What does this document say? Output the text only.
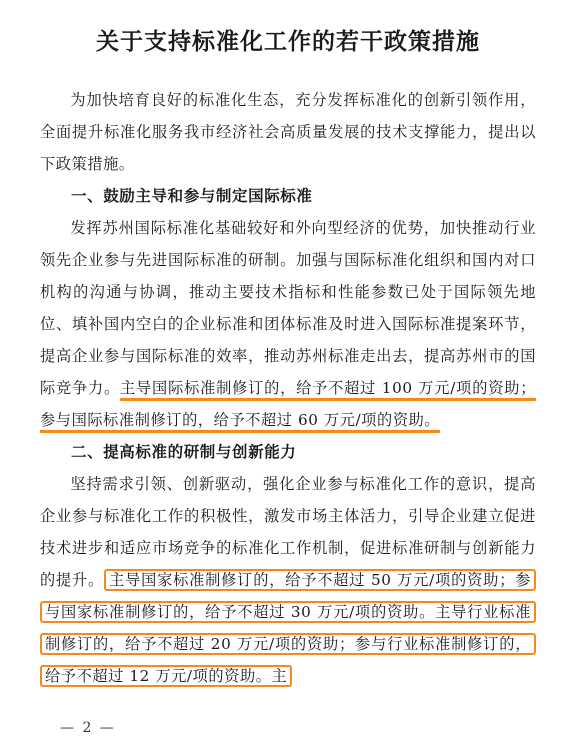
关于支持标准化工作的若干政策措施

为加快培育良好的标准化生态，充分发挥标准化的创新引领作用，全面提升标准化服务我市经济社会高质量发展的技术支撑能力，提出以下政策措施。

一、鼓励主导和参与制定国际标准

发挥苏州国际标准化基础较好和外向型经济的优势，加快推动行业领先企业参与先进国际标准的研制。加强与国际标准化组织和国内对口机构的沟通与协调，推动主要技术指标和性能参数已处于国际领先地位、填补国内空白的企业标准和团体标准及时进入国际标准提案环节，提高企业参与国际标准的效率，推动苏州标准走出去，提高苏州市的国际竞争力。主导国际标准制修订的，给予不超过 100 万元/项的资助；参与国际标准制修订的，给予不超过 60 万元/项的资助。

二、提高标准的研制与创新能力

坚持需求引领、创新驱动，强化企业参与标准化工作的意识，提高企业参与标准化工作的积极性，激发市场主体活力，引导企业建立促进技术进步和适应市场竞争的标准化工作机制，促进标准研制与创新能力的提升。 主导国家标准制修订的，给予不超过 50 万元/项的资助；参与国家标准制修订的，给予不超过 30 万元/项的资助。主导行业标准制修订的，给予不超过 20 万元/项的资助；参与行业标准制修订的，给予不超过 12 万元/项的资助。主

— 2 —
